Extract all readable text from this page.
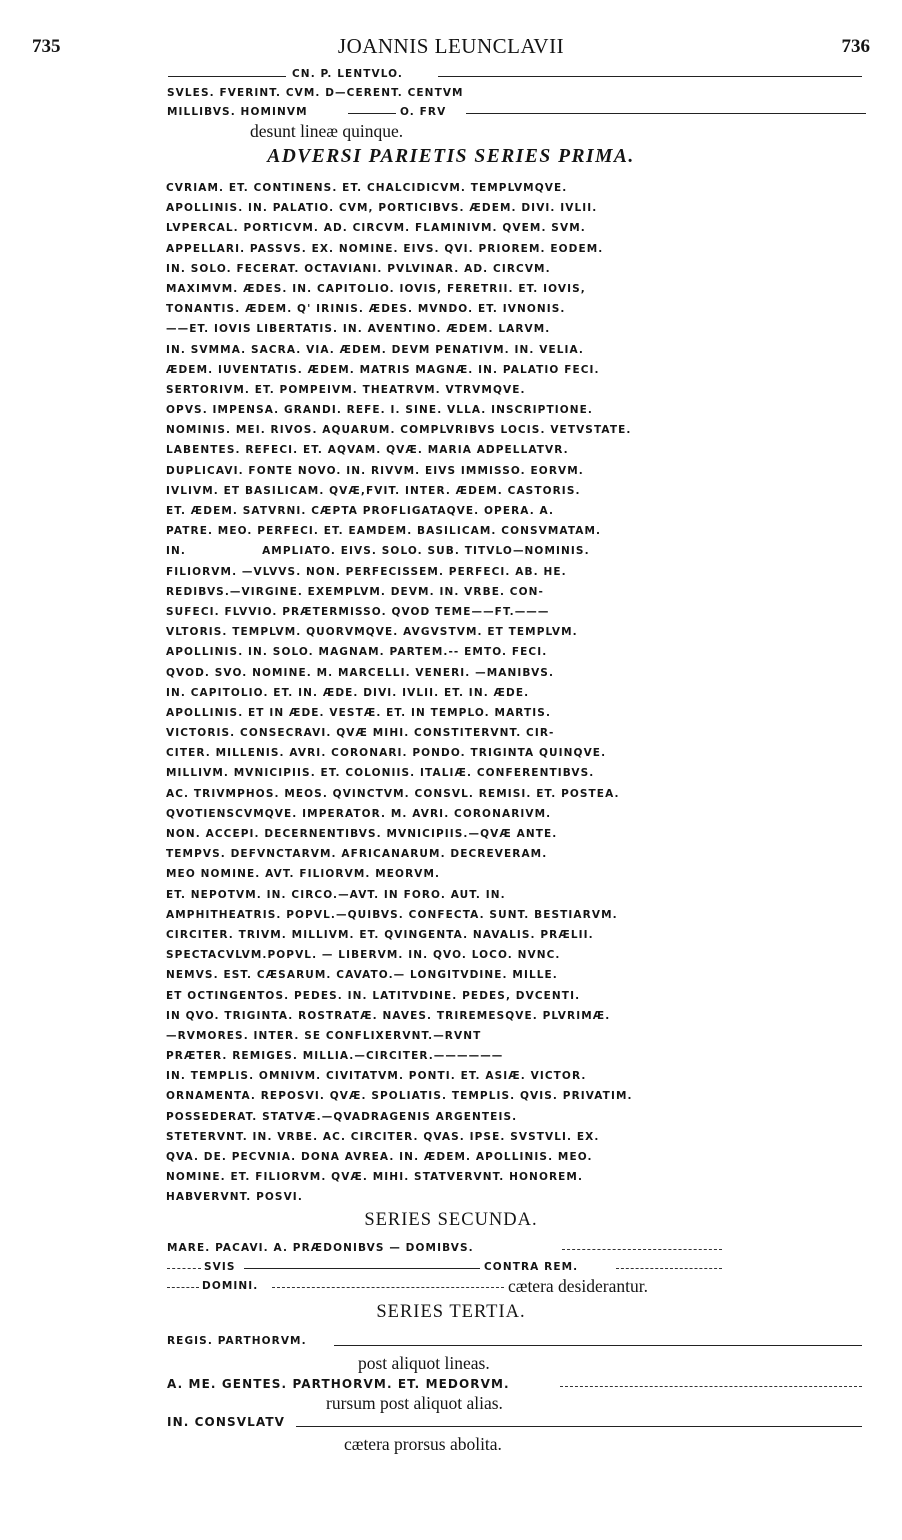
735	JOANNIS LEUNCLAVII	736
CN. P. LENTVLO.
SVLES. FVERINT. CVM. D—CERENT. CENTVM
MILLIBVS. HOMINVM	O. FRV
desunt lineæ quinque.
ADVERSI PARIETIS SERIES PRIMA.
CVRIAM. ET. CONTINENS. ET. CHALCIDICVM. TEMPLVMQVE.
APOLLINIS. IN. PALATIO. CVM, PORTICIBVS. ÆDEM. DIVI. IVLII.
LVPERCAL. PORTICVM. AD. CIRCVM. FLAMINIVM. QVEM. SVM.
APPELLARI. PASSVS. EX. NOMINE. EIVS. QVI. PRIOREM. EODEM.
IN. SOLO. FECERAT. OCTAVIANI. PVLVINAR. AD. CIRCVM.
MAXIMVM. ÆDES. IN. CAPITOLIO. IOVIS, FERETRII. ET. IOVIS,
TONANTIS. ÆDEM. Q' IRINIS. ÆDES. MVNDO. ET. IVNONIS.
——ET. IOVIS LIBERTATIS. IN. AVENTINO. ÆDEM. LARVM.
IN. SVMMA. SACRA. VIA. ÆDEM. DEVM PENATIVM. IN. VELIA.
ÆDEM. IUVENTATIS. ÆDEM. MATRIS MAGNÆ. IN. PALATIO FECI.
SERTORIVM. ET. POMPEIVM. THEATRVM. VTRVMQVE.
OPVS. IMPENSA. GRANDI. REFE. I. SINE. VLLA. INSCRIPTIONE.
NOMINIS. MEI. RIVOS. AQUARUM. COMPLVRIBVS LOCIS. VETVSTATE.
LABENTES. REFECI. ET. AQVAM. QVÆ. MARIA ADPELLATVR.
DUPLICAVI. FONTE NOVO. IN. RIVVM. EIVS IMMISSO. EORVM.
IVLIVM. ET BASILICAM. QVÆ,FVIT. INTER. ÆDEM. CASTORIS.
ET. ÆDEM. SATVRNI. CÆPTA PROFLIGATAQVE. OPERA. A.
PATRE. MEO. PERFECI. ET. EAMDEM. BASILICAM. CONSVMATAM.
IN.                AMPLIATO. EIVS. SOLO. SUB. TITVLO—NOMINIS.
FILIORVM. —VLVVS. NON. PERFECISSEM. PERFECI. AB. HE.
REDIBVS.—VIRGINE. EXEMPLVM. DEVM. IN. VRBE. CON-
SUFECI. FLVVIO. PRÆTERMISSO. QVOD TEME——FT.———
VLTORIS. TEMPLVM. QUORVMQVE. AVGVSTVM. ET TEMPLVM.
APOLLINIS. IN. SOLO. MAGNAM. PARTEM.-- EMTO. FECI.
QVOD. SVO. NOMINE. M. MARCELLI. VENERI. —MANIBVS.
IN. CAPITOLIO. ET. IN. ÆDE. DIVI. IVLII. ET. IN. ÆDE.
APOLLINIS. ET IN ÆDE. VESTÆ. ET. IN TEMPLO. MARTIS.
VICTORIS. CONSECRAVI. QVÆ MIHI. CONSTITERVNT. CIR-
CITER. MILLENIS. AVRI. CORONARI. PONDO. TRIGINTA QUINQVE.
MILLIVM. MVNICIPIIS. ET. COLONIIS. ITALIÆ. CONFERENTIBVS.
AC. TRIVMPHOS. MEOS. QVINCTVM. CONSVL. REMISI. ET. POSTEA.
QVOTIENSCVMQVE. IMPERATOR. M. AVRI. CORONARIVM.
NON. ACCEPI. DECERNENTIBVS. MVNICIPIIS.—QVÆ ANTE.
TEMPVS. DEFVNCTARVM. AFRICANARUM. DECREVERAM.
MEO NOMINE. AVT. FILIORVM. MEORVM.
ET. NEPOTVM. IN. CIRCO.—AVT. IN FORO. AUT. IN.
AMPHITHEATRIS. POPVL.—QUIBVS. CONFECTA. SUNT. BESTIARVM.
CIRCITER. TRIVM. MILLIVM. ET. QVINGENTA. NAVALIS. PRÆLII.
SPECTACVLVM.POPVL. — LIBERVM. IN. QVO. LOCO. NVNC.
NEMVS. EST. CÆSARUM. CAVATO.— LONGITVDINE. MILLE.
ET OCTINGENTOS. PEDES. IN. LATITVDINE. PEDES, DVCENTI.
IN QVO. TRIGINTA. ROSTRATÆ. NAVES. TRIREMESQVE. PLVRIMÆ.
—RVMORES. INTER. SE CONFLIXERVNT.—RVNT
PRÆTER. REMIGES. MILLIA.—CIRCITER.——————
IN. TEMPLIS. OMNIVM. CIVITATVM. PONTI. ET. ASIÆ. VICTOR.
ORNAMENTA. REPOSVI. QVÆ. SPOLIATIS. TEMPLIS. QVIS. PRIVATIM.
POSSEDERAT. STATVÆ.—QVADRAGENIS ARGENTEIS.
STETERVNT. IN. VRBE. AC. CIRCITER. QVAS. IPSE. SVSTVLI. EX.
QVA. DE. PECVNIA. DONA AVREA. IN. ÆDEM. APOLLINIS. MEO.
NOMINE. ET. FILIORVM. QVÆ. MIHI. STATVERVNT. HONOREM.
HABVERVNT. POSVI.
SERIES SECUNDA.
MARE. PACAVI. A. PRÆDONIBVS — DOMIBVS.
SVIS	CONTRA REM.
DOMINI.	cætera desiderantur.
SERIES TERTIA.
REGIS. PARTHORVM.
post aliquot lineas.
A. ME. GENTES. PARTHORVM. ET. MEDORVM.
rursum post aliquot alias.
IN. CONSVLATV
cætera prorsus abolita.
